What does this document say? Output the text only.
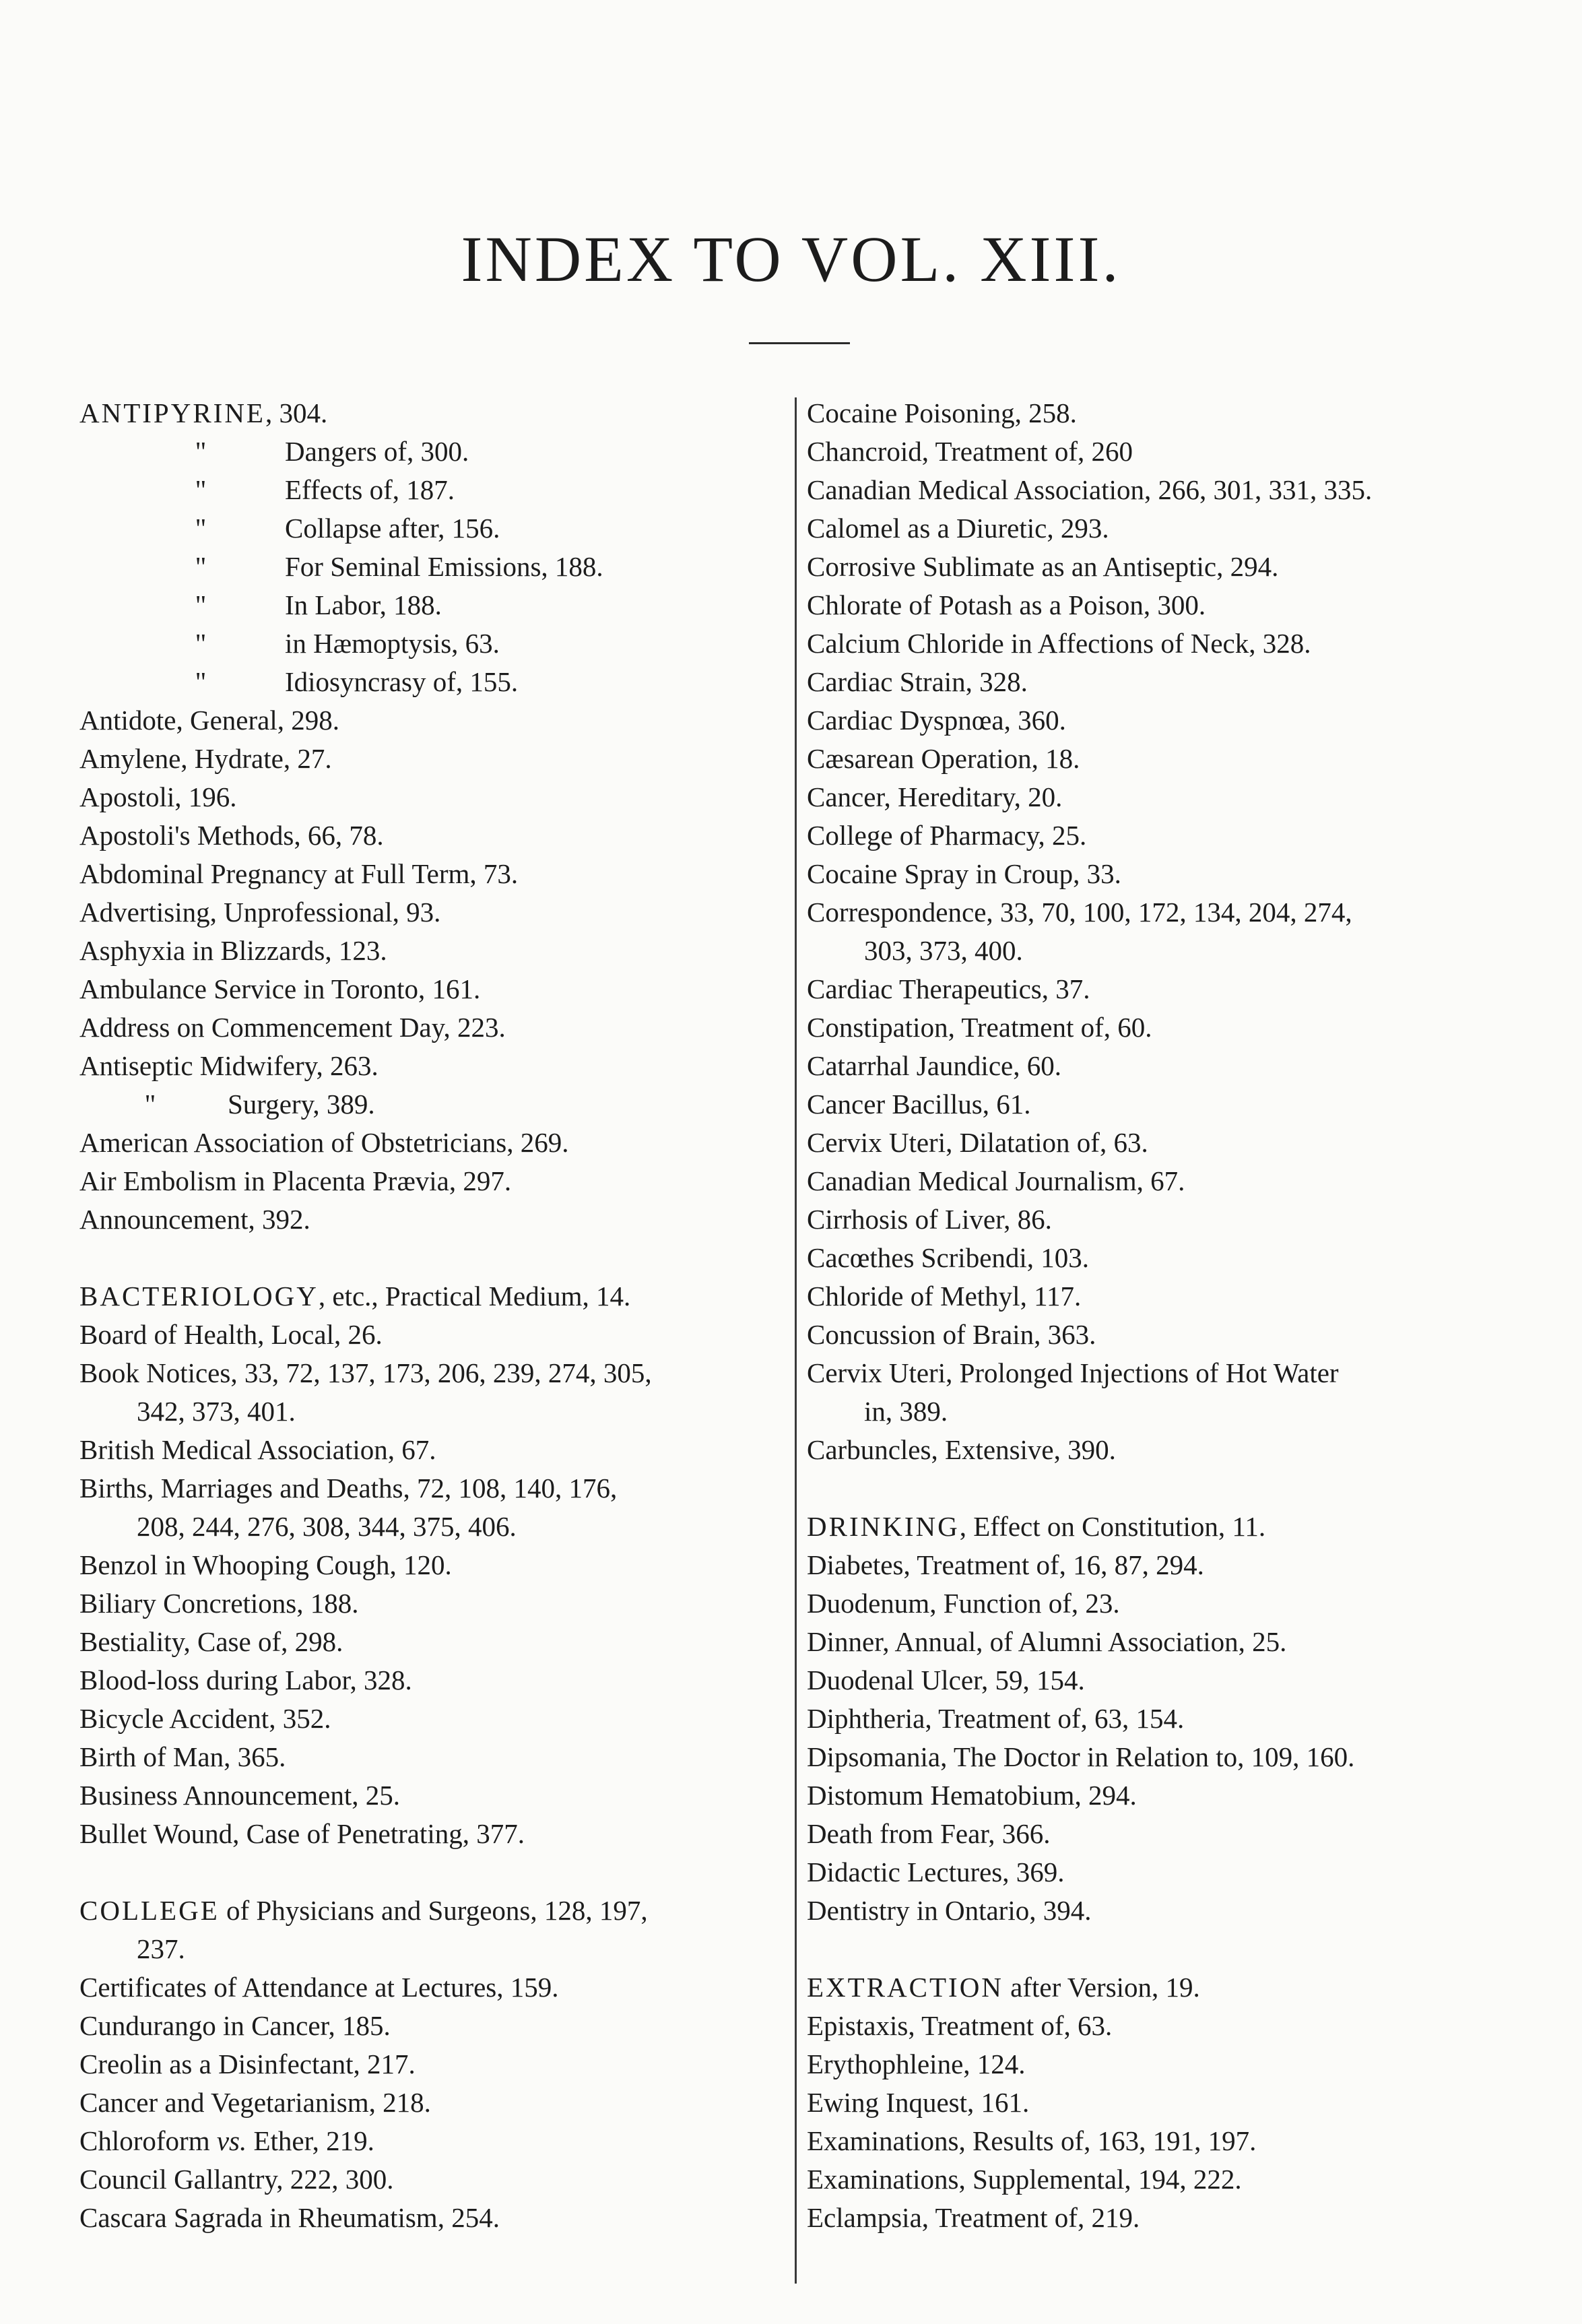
INDEX TO VOL. XIII.
ANTIPYRINE, 304.
"	Dangers of, 300.
"	Effects of, 187.
"	Collapse after, 156.
"	For Seminal Emissions, 188.
"	In Labor, 188.
"	in Hæmoptysis, 63.
"	Idiosyncrasy of, 155.
Antidote, General, 298.
Amylene, Hydrate, 27.
Apostoli, 196.
Apostoli's Methods, 66, 78.
Abdominal Pregnancy at Full Term, 73.
Advertising, Unprofessional, 93.
Asphyxia in Blizzards, 123.
Ambulance Service in Toronto, 161.
Address on Commencement Day, 223.
Antiseptic Midwifery, 263.
"	Surgery, 389.
American Association of Obstetricians, 269.
Air Embolism in Placenta Prævia, 297.
Announcement, 392.
BACTERIOLOGY, etc., Practical Medium, 14.
Board of Health, Local, 26.
Book Notices, 33, 72, 137, 173, 206, 239, 274, 305,
342, 373, 401.
British Medical Association, 67.
Births, Marriages and Deaths, 72, 108, 140, 176,
208, 244, 276, 308, 344, 375, 406.
Benzol in Whooping Cough, 120.
Biliary Concretions, 188.
Bestiality, Case of, 298.
Blood-loss during Labor, 328.
Bicycle Accident, 352.
Birth of Man, 365.
Business Announcement, 25.
Bullet Wound, Case of Penetrating, 377.
COLLEGE of Physicians and Surgeons, 128, 197,
237.
Certificates of Attendance at Lectures, 159.
Cundurango in Cancer, 185.
Creolin as a Disinfectant, 217.
Cancer and Vegetarianism, 218.
Chloroform vs. Ether, 219.
Council Gallantry, 222, 300.
Cascara Sagrada in Rheumatism, 254.
Cocaine Poisoning, 258.
Chancroid, Treatment of, 260
Canadian Medical Association, 266, 301, 331, 335.
Calomel as a Diuretic, 293.
Corrosive Sublimate as an Antiseptic, 294.
Chlorate of Potash as a Poison, 300.
Calcium Chloride in Affections of Neck, 328.
Cardiac Strain, 328.
Cardiac Dyspnœa, 360.
Cæsarean Operation, 18.
Cancer, Hereditary, 20.
College of Pharmacy, 25.
Cocaine Spray in Croup, 33.
Correspondence, 33, 70, 100, 172, 134, 204, 274,
303, 373, 400.
Cardiac Therapeutics, 37.
Constipation, Treatment of, 60.
Catarrhal Jaundice, 60.
Cancer Bacillus, 61.
Cervix Uteri, Dilatation of, 63.
Canadian Medical Journalism, 67.
Cirrhosis of Liver, 86.
Cacœthes Scribendi, 103.
Chloride of Methyl, 117.
Concussion of Brain, 363.
Cervix Uteri, Prolonged Injections of Hot Water
in, 389.
Carbuncles, Extensive, 390.
DRINKING, Effect on Constitution, 11.
Diabetes, Treatment of, 16, 87, 294.
Duodenum, Function of, 23.
Dinner, Annual, of Alumni Association, 25.
Duodenal Ulcer, 59, 154.
Diphtheria, Treatment of, 63, 154.
Dipsomania, The Doctor in Relation to, 109, 160.
Distomum Hematobium, 294.
Death from Fear, 366.
Didactic Lectures, 369.
Dentistry in Ontario, 394.
EXTRACTION after Version, 19.
Epistaxis, Treatment of, 63.
Erythophleine, 124.
Ewing Inquest, 161.
Examinations, Results of, 163, 191, 197.
Examinations, Supplemental, 194, 222.
Eclampsia, Treatment of, 219.
